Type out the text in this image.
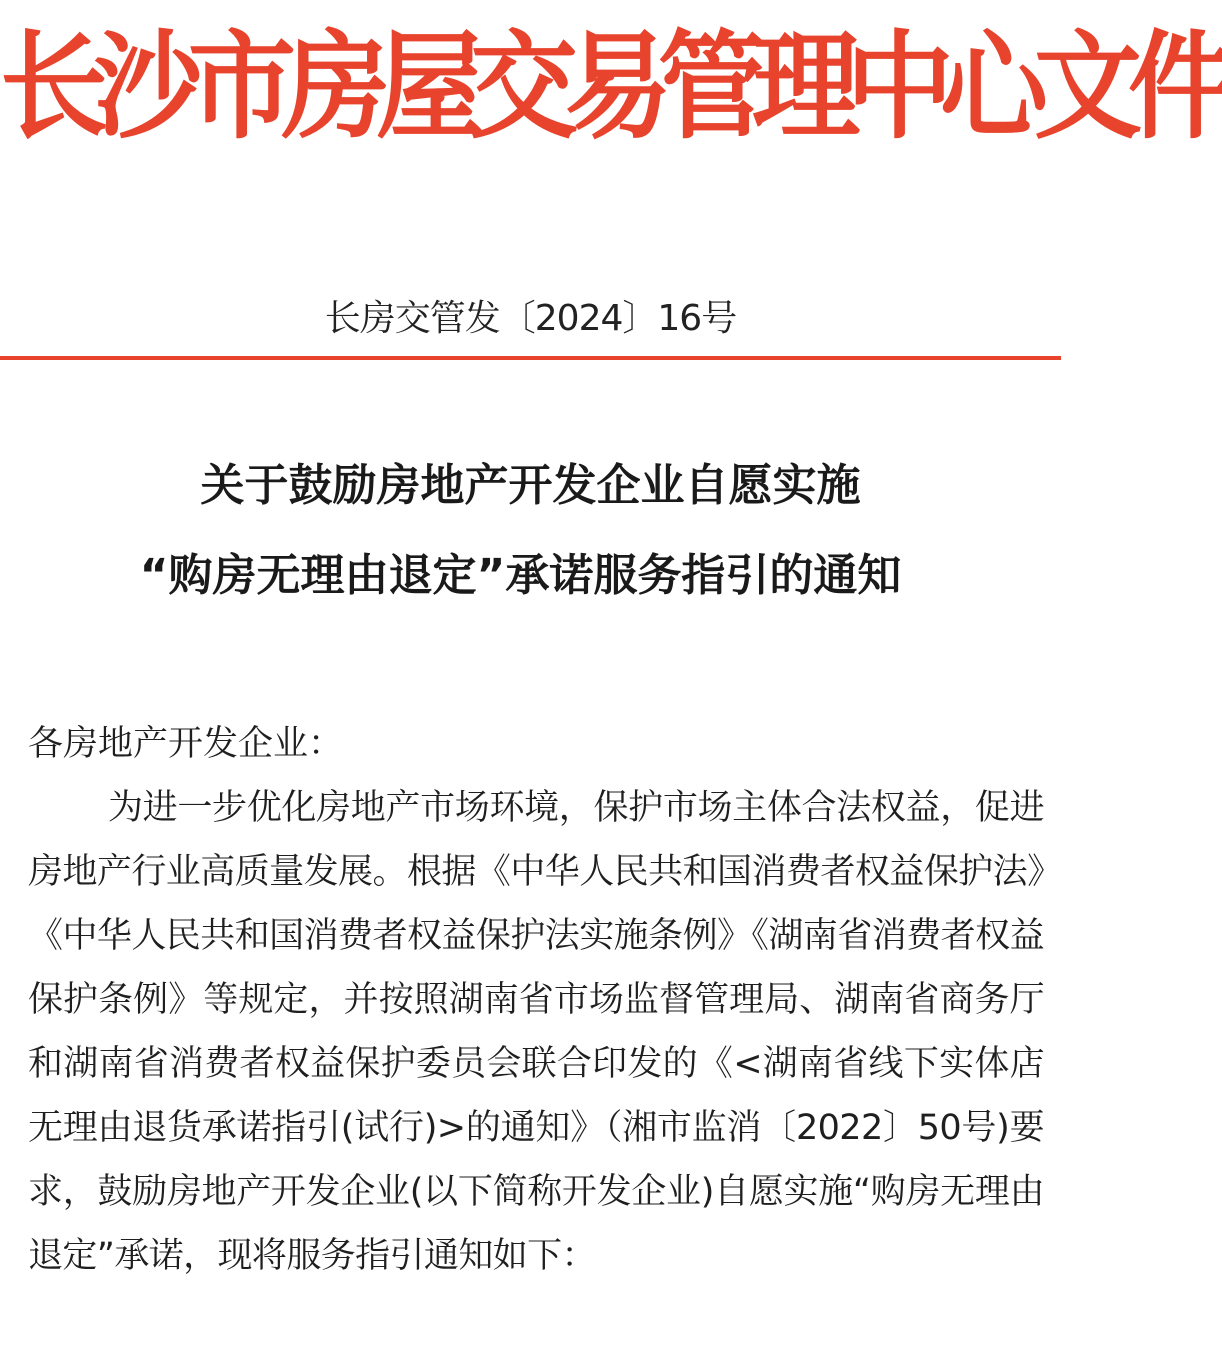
长沙市房屋交易管理中心文件
长房交管发〔2024〕16号
关于鼓励房地产开发企业自愿实施
“购房无理由退定”承诺服务指引的通知

各房地产开发企业：

为进一步优化房地产市场环境，保护市场主体合法权益，促进房地产行业高质量发展。根据《中华人民共和国消费者权益保护法》《中华人民共和国消费者权益保护法实施条例》《湖南省消费者权益保护条例》等规定，并按照湖南省市场监督管理局、湖南省商务厅和湖南省消费者权益保护委员会联合印发的《<湖南省线下实体店无理由退货承诺指引(试行)>的通知》（湘市监消〔2022〕50号)要求，鼓励房地产开发企业(以下简称开发企业)自愿实施“购房无理由退定”承诺，现将服务指引通知如下：
